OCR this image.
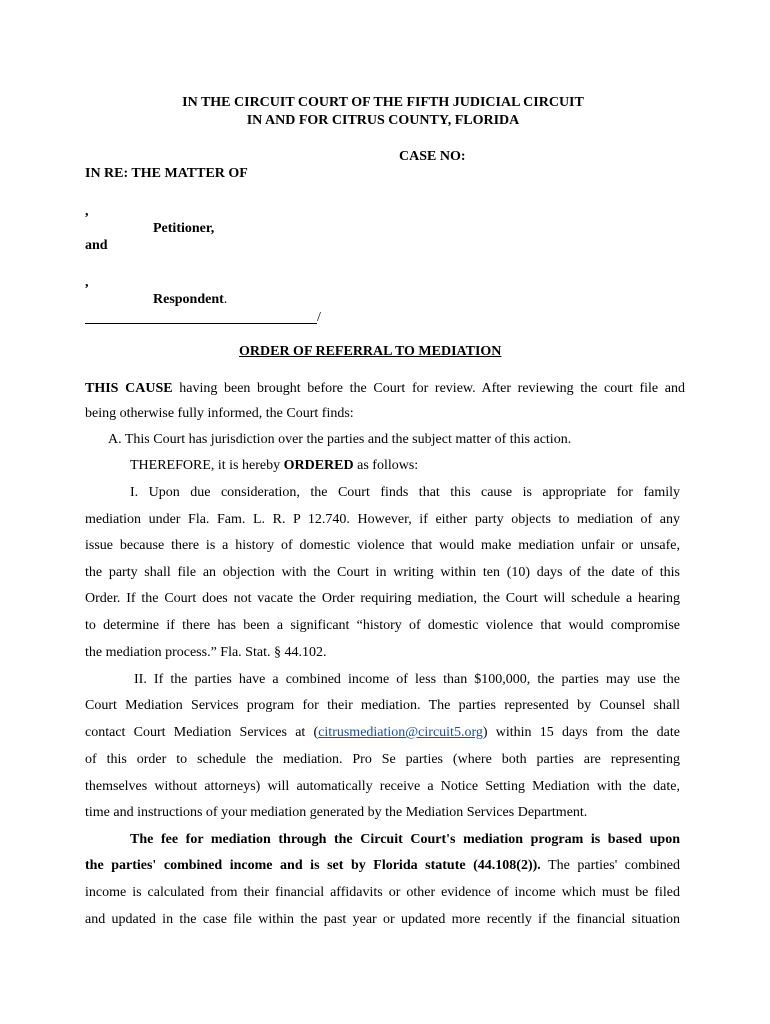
IN THE CIRCUIT COURT OF THE FIFTH JUDICIAL CIRCUIT
IN AND FOR CITRUS COUNTY, FLORIDA
CASE NO:
IN RE: THE MATTER OF
,
Petitioner,
and
,
Respondent.
/
ORDER OF REFERRAL TO MEDIATION
THIS CAUSE having been brought before the Court for review. After reviewing the court file and
being otherwise fully informed, the Court finds:
A. This Court has jurisdiction over the parties and the subject matter of this action.
THEREFORE, it is hereby ORDERED as follows:
I. Upon due consideration, the Court finds that this cause is appropriate for family
mediation under Fla. Fam. L. R. P 12.740. However, if either party objects to mediation of any
issue because there is a history of domestic violence that would make mediation unfair or unsafe,
the party shall file an objection with the Court in writing within ten (10) days of the date of this
Order. If the Court does not vacate the Order requiring mediation, the Court will schedule a hearing
to determine if there has been a significant “history of domestic violence that would compromise
the mediation process.” Fla. Stat. § 44.102.
II. If the parties have a combined income of less than $100,000, the parties may use the
Court Mediation Services program for their mediation. The parties represented by Counsel shall
contact Court Mediation Services at (citrusmediation@circuit5.org) within 15 days from the date
of this order to schedule the mediation. Pro Se parties (where both parties are representing
themselves without attorneys) will automatically receive a Notice Setting Mediation with the date,
time and instructions of your mediation generated by the Mediation Services Department.
The fee for mediation through the Circuit Court's mediation program is based upon
the parties' combined income and is set by Florida statute (44.108(2)). The parties' combined
income is calculated from their financial affidavits or other evidence of income which must be filed
and updated in the case file within the past year or updated more recently if the financial situation
